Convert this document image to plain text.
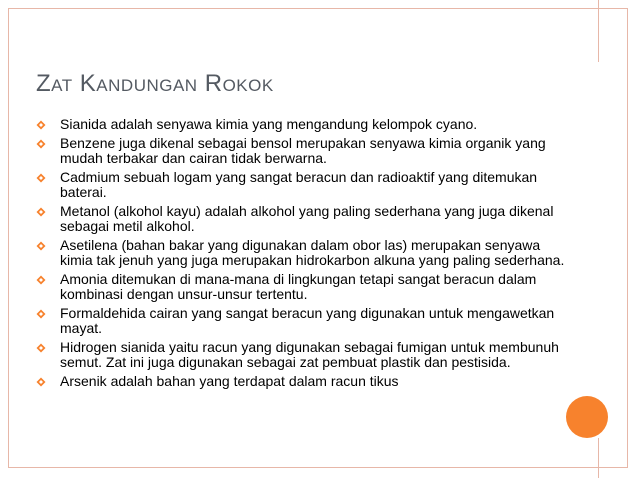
Zat Kandungan Rokok
Sianida adalah senyawa kimia yang mengandung kelompok cyano.
Benzene juga dikenal sebagai bensol merupakan senyawa kimia organik yang mudah terbakar dan cairan tidak berwarna.
Cadmium sebuah logam yang sangat beracun dan radioaktif yang ditemukan baterai.
Metanol (alkohol kayu) adalah alkohol yang paling sederhana yang juga dikenal sebagai metil alkohol.
Asetilena (bahan bakar yang digunakan dalam obor las) merupakan senyawa kimia tak jenuh yang juga merupakan hidrokarbon alkuna yang paling sederhana.
Amonia ditemukan di mana-mana di lingkungan tetapi sangat beracun dalam kombinasi dengan unsur-unsur tertentu.
Formaldehida cairan yang sangat beracun yang digunakan untuk mengawetkan mayat.
Hidrogen sianida yaitu racun yang digunakan sebagai fumigan untuk membunuh semut. Zat ini juga digunakan sebagai zat pembuat plastik dan pestisida.
Arsenik adalah bahan yang terdapat dalam racun tikus
